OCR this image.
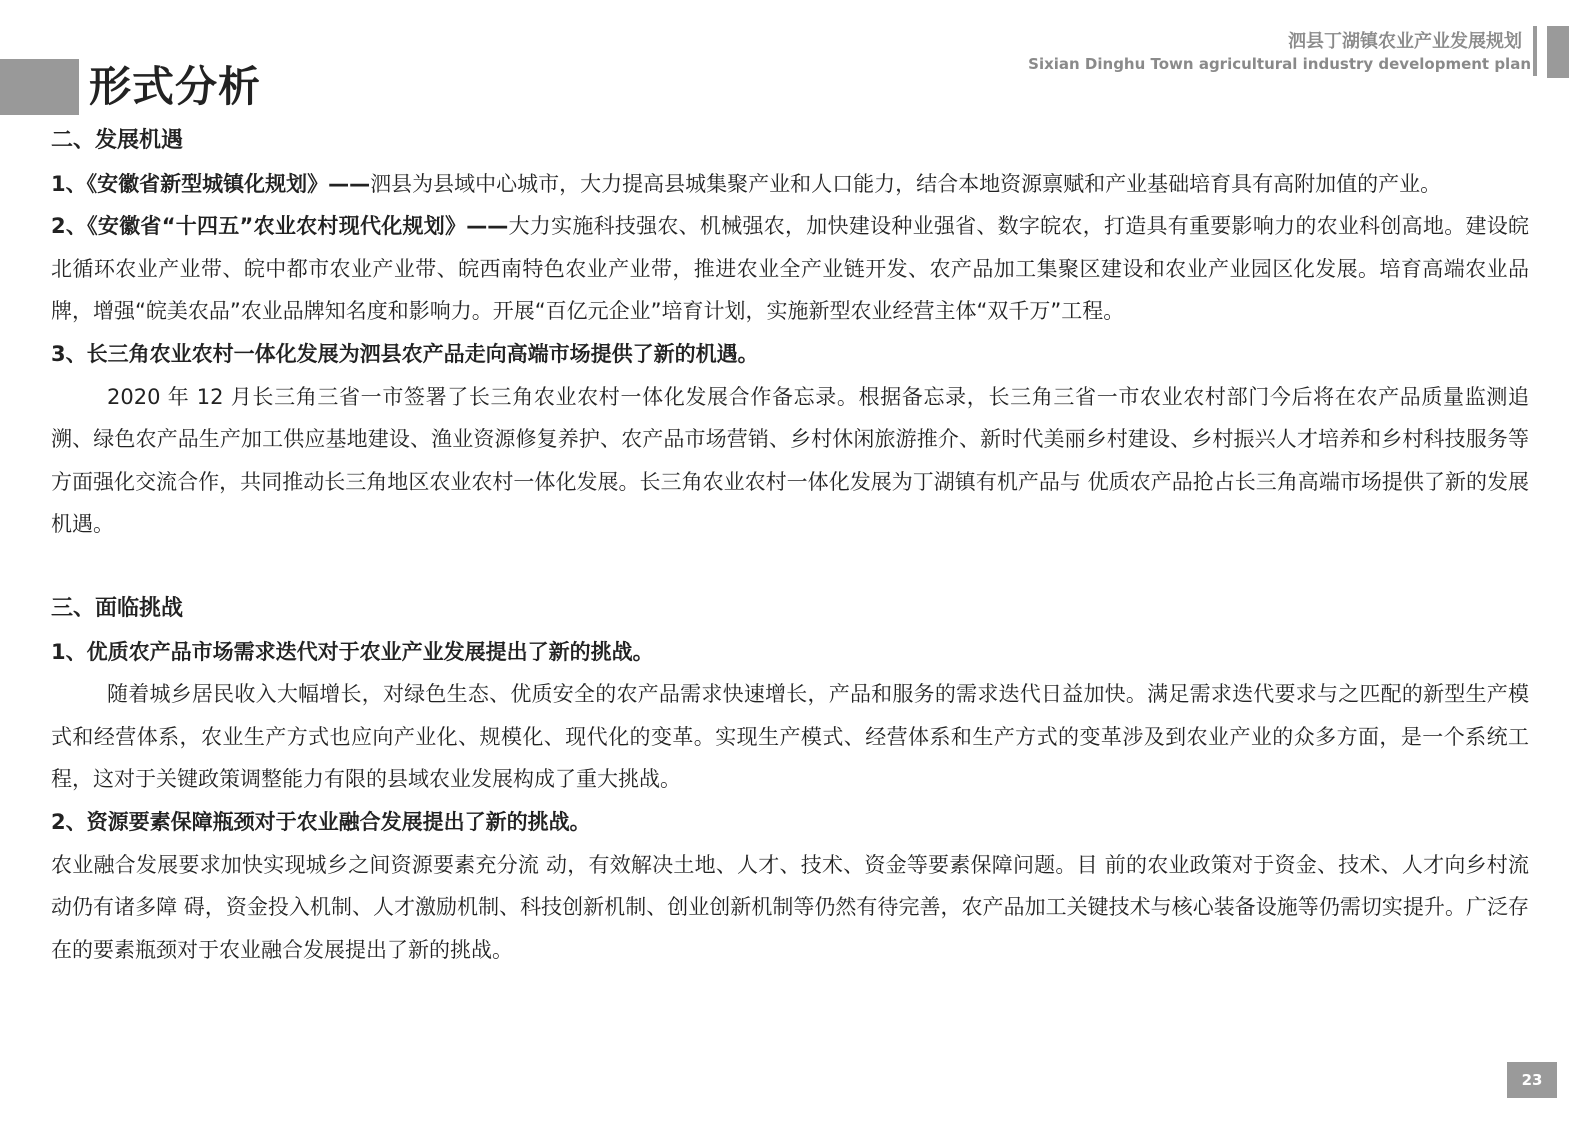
泗县丁湖镇农业产业发展规划
Sixian Dinghu Town agricultural industry development plan
形式分析

二、发展机遇

1、《安徽省新型城镇化规划》——泗县为县域中心城市，大力提高县城集聚产业和人口能力，结合本地资源禀赋和产业基础培育具有高附加值的产业。

2、《安徽省“十四五”农业农村现代化规划》——大力实施科技强农、机械强农，加快建设种业强省、数字皖农，打造具有重要影响力的农业科创高地。建设皖北循环农业产业带、皖中都市农业产业带、皖西南特色农业产业带，推进农业全产业链开发、农产品加工集聚区建设和农业产业园区化发展。培育高端农业品牌，增强“皖美农品”农业品牌知名度和影响力。开展“百亿元企业”培育计划，实施新型农业经营主体“双千万”工程。

3、长三角农业农村一体化发展为泗县农产品走向高端市场提供了新的机遇。

2020 年 12 月长三角三省一市签署了长三角农业农村一体化发展合作备忘录。根据备忘录，长三角三省一市农业农村部门今后将在农产品质量监测追溯、绿色农产品生产加工供应基地建设、渔业资源修复养护、农产品市场营销、乡村休闲旅游推介、新时代美丽乡村建设、乡村振兴人才培养和乡村科技服务等方面强化交流合作，共同推动长三角地区农业农村一体化发展。长三角农业农村一体化发展为丁湖镇有机产品与 优质农产品抢占长三角高端市场提供了新的发展机遇。

三、面临挑战

1、优质农产品市场需求迭代对于农业产业发展提出了新的挑战。

随着城乡居民收入大幅增长，对绿色生态、优质安全的农产品需求快速增长，产品和服务的需求迭代日益加快。满足需求迭代要求与之匹配的新型生产模式和经营体系，农业生产方式也应向产业化、规模化、现代化的变革。实现生产模式、经营体系和生产方式的变革涉及到农业产业的众多方面，是一个系统工程，这对于关键政策调整能力有限的县域农业发展构成了重大挑战。

2、资源要素保障瓶颈对于农业融合发展提出了新的挑战。

农业融合发展要求加快实现城乡之间资源要素充分流 动，有效解决土地、人才、技术、资金等要素保障问题。目 前的农业政策对于资金、技术、人才向乡村流动仍有诸多障 碍，资金投入机制、人才激励机制、科技创新机制、创业创新机制等仍然有待完善，农产品加工关键技术与核心装备设施等仍需切实提升。广泛存在的要素瓶颈对于农业融合发展提出了新的挑战。

23
